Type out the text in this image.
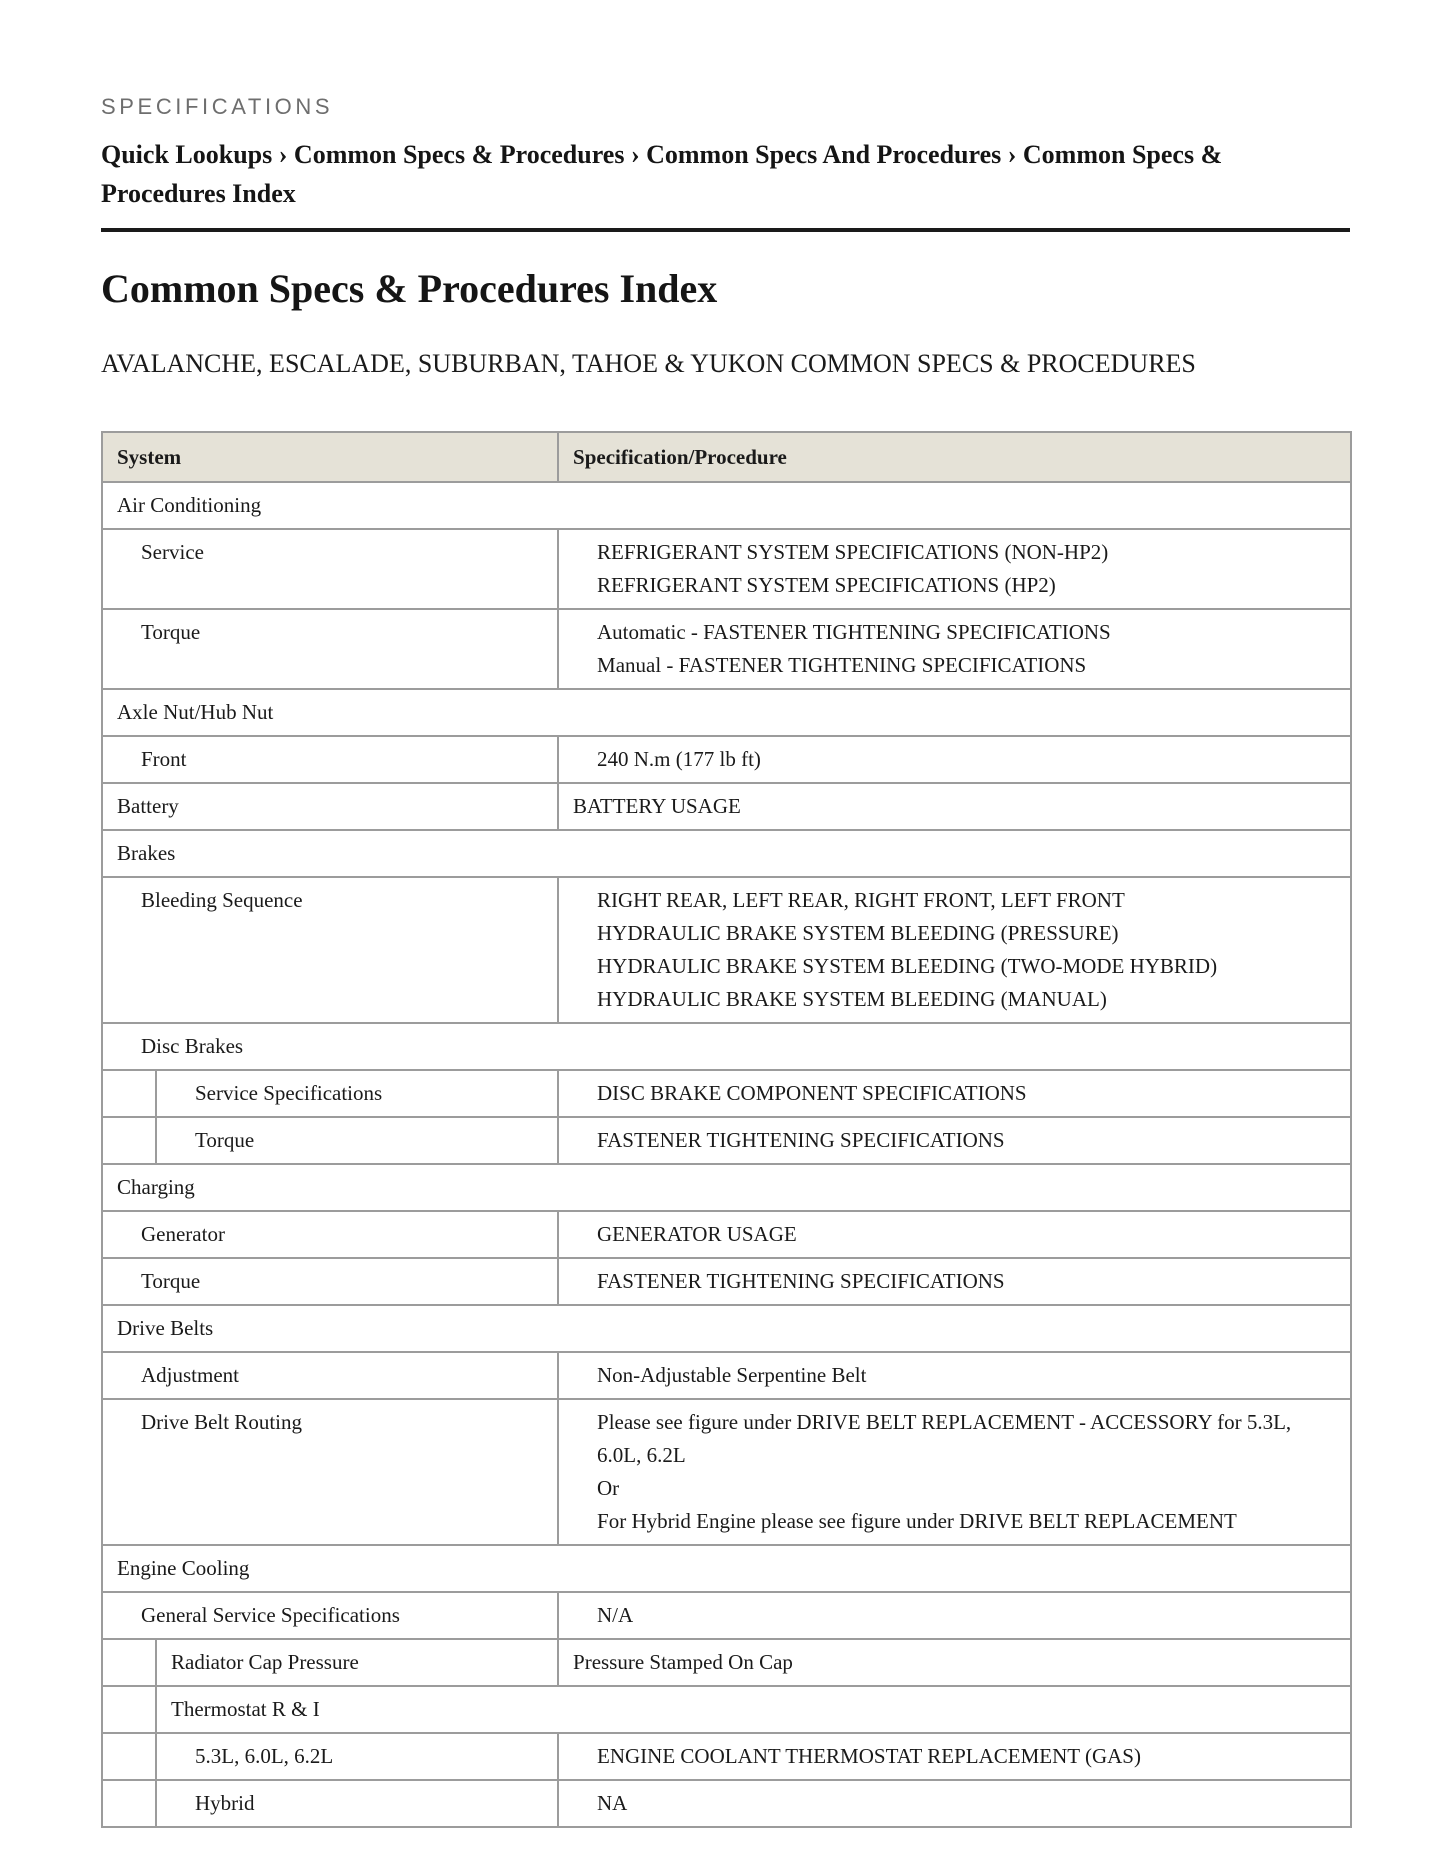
SPECIFICATIONS
Quick Lookups › Common Specs & Procedures › Common Specs And Procedures › Common Specs & Procedures Index
Common Specs & Procedures Index
AVALANCHE, ESCALADE, SUBURBAN, TAHOE & YUKON COMMON SPECS & PROCEDURES
System		Specification/Procedure
Air Conditioning		
Service		REFRIGERANT SYSTEM SPECIFICATIONS (NON-HP2)
REFRIGERANT SYSTEM SPECIFICATIONS (HP2)

Torque		Automatic - FASTENER TIGHTENING SPECIFICATIONS
Manual - FASTENER TIGHTENING SPECIFICATIONS

Axle Nut/Hub Nut		
Front		240 N.m (177 lb ft)

Battery		BATTERY USAGE

Brakes		
Bleeding Sequence		RIGHT REAR, LEFT REAR, RIGHT FRONT, LEFT FRONT
HYDRAULIC BRAKE SYSTEM BLEEDING (PRESSURE)
HYDRAULIC BRAKE SYSTEM BLEEDING (TWO-MODE HYBRID)
HYDRAULIC BRAKE SYSTEM BLEEDING (MANUAL)

Disc Brakes		
	Service Specifications	DISC BRAKE COMPONENT SPECIFICATIONS

	Torque	FASTENER TIGHTENING SPECIFICATIONS

Charging		
Generator		GENERATOR USAGE

Torque		FASTENER TIGHTENING SPECIFICATIONS

Drive Belts		
Adjustment		Non-Adjustable Serpentine Belt

Drive Belt Routing		Please see figure under DRIVE BELT REPLACEMENT - ACCESSORY for 5.3L, 6.0L, 6.2L
Or
For Hybrid Engine please see figure under DRIVE BELT REPLACEMENT

Engine Cooling		
General Service Specifications		N/A

	Radiator Cap Pressure	Pressure Stamped On Cap

	Thermostat R & I	
	5.3L, 6.0L, 6.2L	ENGINE COOLANT THERMOSTAT REPLACEMENT (GAS)

	Hybrid	NA
